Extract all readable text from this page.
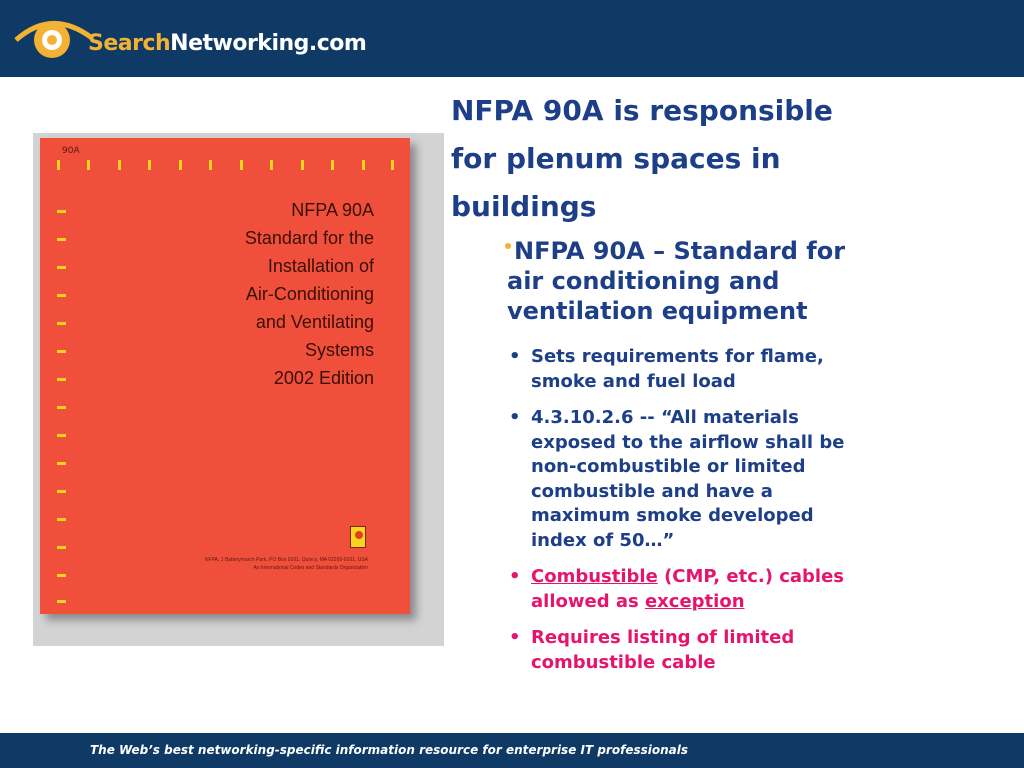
SearchNetworking.com
90A
NFPA 90A
Standard for the
Installation of
Air-Conditioning
and Ventilating
Systems
2002 Edition
NFPA, 1 Batterymarch Park, PO Box 9101, Quincy, MA 02269-9101, USA
An International Codes and Standards Organization
NFPA 90A is responsible
for plenum spaces in
buildings
NFPA 90A – Standard for
air conditioning and
ventilation equipment
• Sets requirements for flame,
smoke and fuel load
• 4.3.10.2.6 -- “All materials
exposed to the airflow shall be
non-combustible or limited
combustible and have a
maximum smoke developed
index of 50…”
• Combustible (CMP, etc.) cables
allowed as exception
• Requires listing of limited
combustible cable
The Web’s best networking-specific information resource for enterprise IT professionals
